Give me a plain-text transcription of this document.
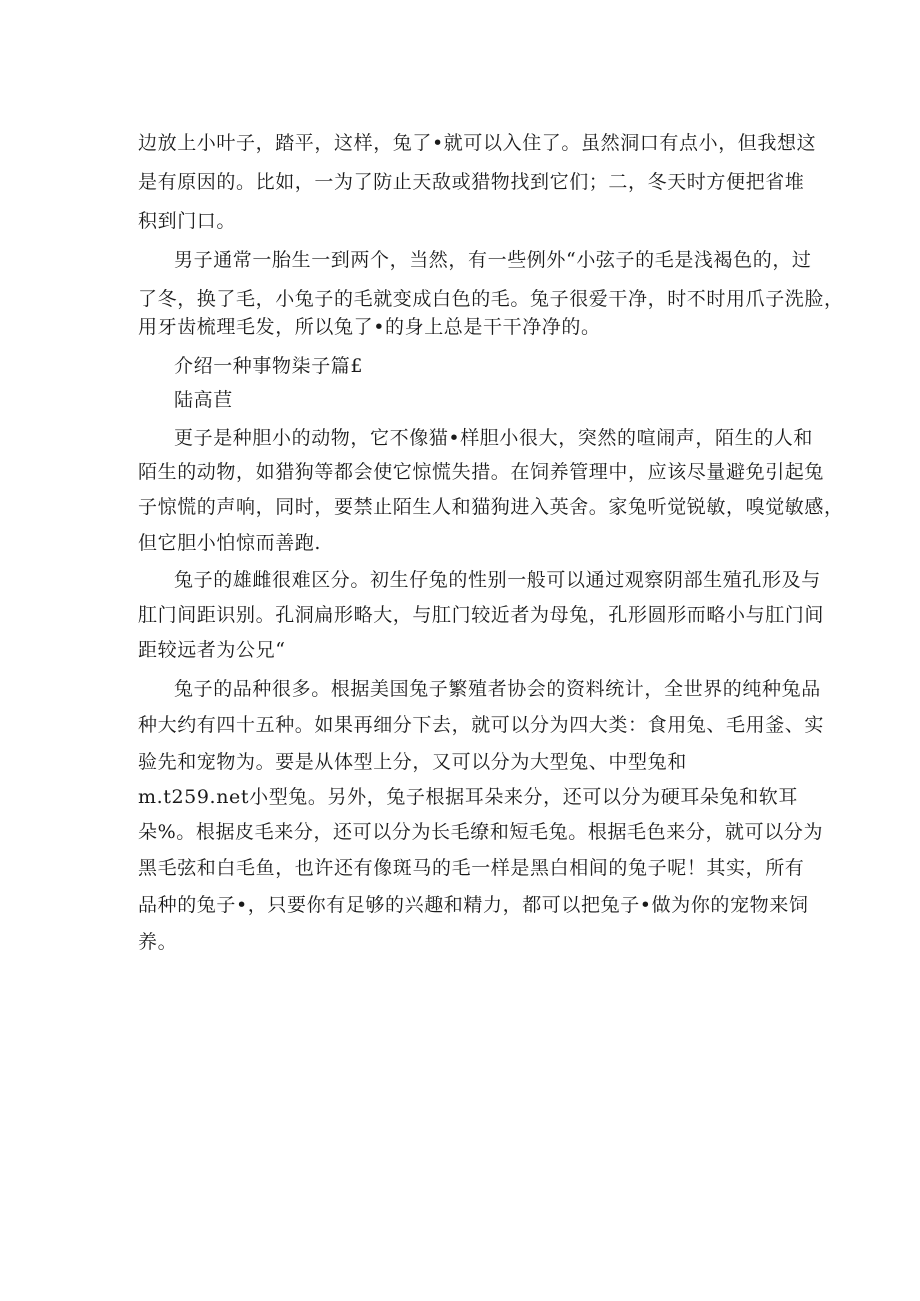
边放上小叶子，踏平，这样，兔了•就可以入住了。虽然洞口有点小，但我想这
是有原因的。比如，一为了防止天敌或猎物找到它们；二，冬天时方便把省堆
积到门口。
男子通常一胎生一到两个，当然，有一些例外“小弦子的毛是浅褐色的，过
了冬，换了毛，小兔子的毛就变成白色的毛。兔子很爱干净，时不时用爪子洗脸，
用牙齿梳理毛发，所以兔了•的身上总是干干净净的。
介绍一种事物柒子篇£
陆高苣
更子是种胆小的动物，它不像猫•样胆小很大，突然的喧闹声，陌生的人和
陌生的动物，如猎狗等都会使它惊慌失措。在饲养管理中，应该尽量避免引起兔
子惊慌的声响，同时，要禁止陌生人和猫狗进入英舍。家兔听觉锐敏，嗅觉敏感，
但它胆小怕惊而善跑.
兔子的雄雌很难区分。初生仔兔的性别一般可以通过观察阴部生殖孔形及与
肛门间距识别。孔洞扁形略大，与肛门较近者为母兔，孔形圆形而略小与肛门间
距较远者为公兄“
兔子的品种很多。根据美国兔子繁殖者协会的资料统计，全世界的纯种兔品
种大约有四十五种。如果再细分下去，就可以分为四大类：食用兔、毛用釜、实
验先和宠物为。要是从体型上分，又可以分为大型兔、中型兔和
m.t259.net小型兔。另外，兔子根据耳朵来分，还可以分为硬耳朵兔和软耳
朵%。根据皮毛来分，还可以分为长毛缭和短毛兔。根据毛色来分，就可以分为
黑毛弦和白毛鱼，也许还有像斑马的毛一样是黑白相间的兔子呢！其实，所有
品种的兔子•，只要你有足够的兴趣和精力，都可以把兔子•做为你的宠物来饲
养。
